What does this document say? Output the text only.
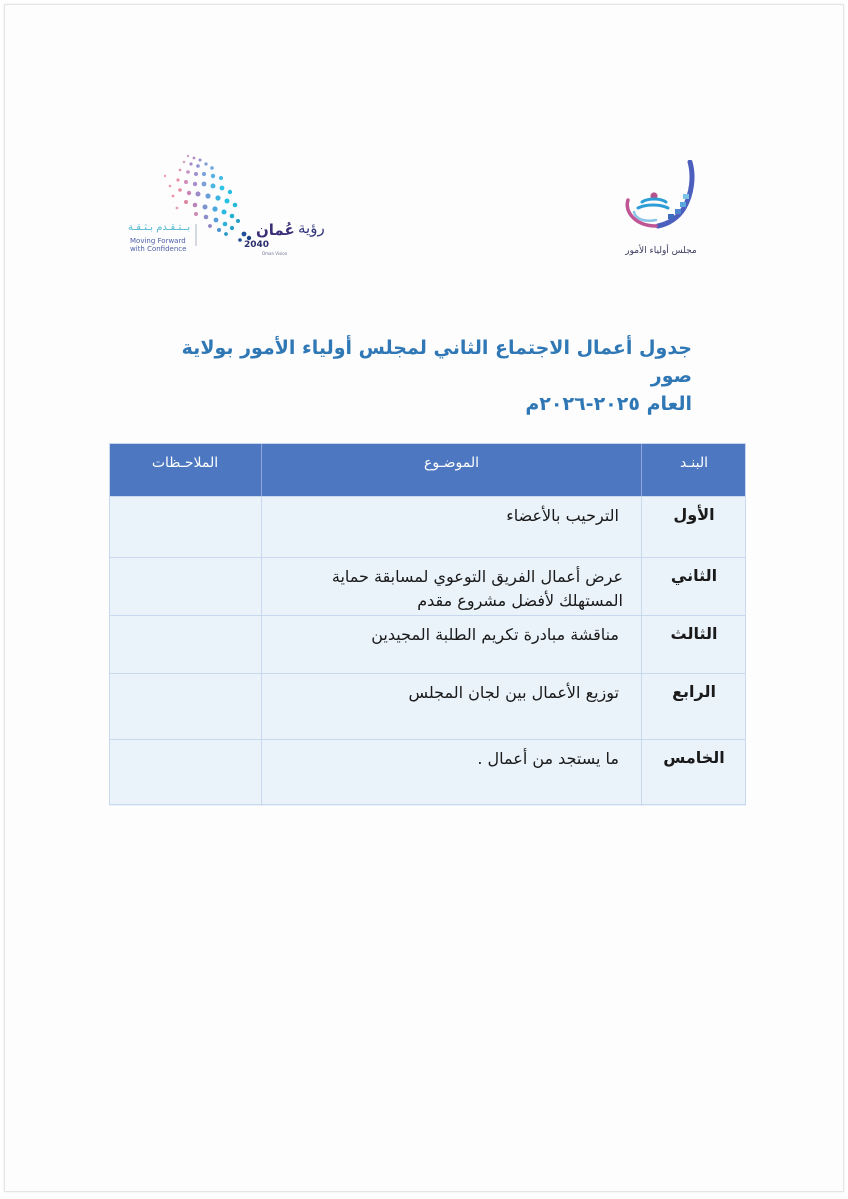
2040
رؤية
عُمان
Oman Vision
بــتـقـدم بـثـقـة
Moving Forward
with Confidence	مجلس أولياء الأمور
جدول أعمال الاجتماع الثاني لمجلس أولياء الأمور بولاية صور
العام ٢٠٢٥-٢٠٢٦م
البنـد
الموضـوع
الملاحـظات
الأول
الترحيب بالأعضاء
الثاني
عرض أعمال الفريق التوعوي لمسابقة حماية المستهلك لأفضل مشروع مقدم
الثالث
مناقشة مبادرة تكريم الطلبة المجيدين
الرابع
توزيع الأعمال بين لجان المجلس
الخامس
ما يستجد من أعمال .
